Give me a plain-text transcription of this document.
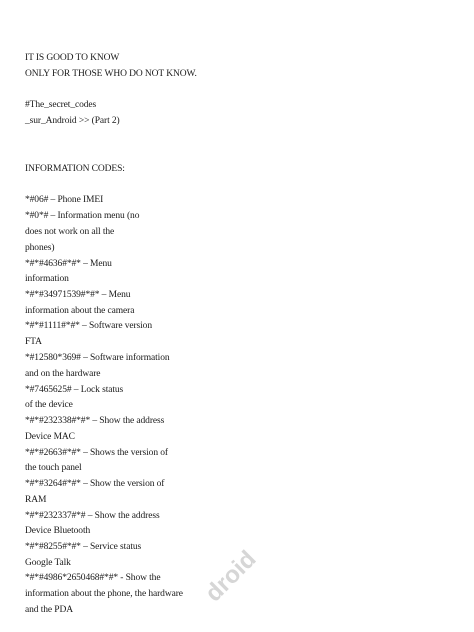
IT IS GOOD TO KNOW
ONLY FOR THOSE WHO DO NOT KNOW.
#The_secret_codes
_sur_Android >> (Part 2)
INFORMATION CODES:
*#06# – Phone IMEI
*#0*# – Information menu (no
does not work on all the
phones)
*#*#4636#*#* – Menu
information
*#*#34971539#*#* – Menu
information about the camera
*#*#1111#*#* – Software version
FTA
*#12580*369# – Software information
and on the hardware
*#7465625# – Lock status
of the device
*#*#232338#*#* – Show the address
Device MAC
*#*#2663#*#* – Shows the version of
the touch panel
*#*#3264#*#* – Show the version of
RAM
*#*#232337#*# – Show the address
Device Bluetooth
*#*#8255#*#* – Service status
Google Talk
*#*#4986*2650468#*#* - Show the
information about the phone, the hardware
and the PDA
droid
